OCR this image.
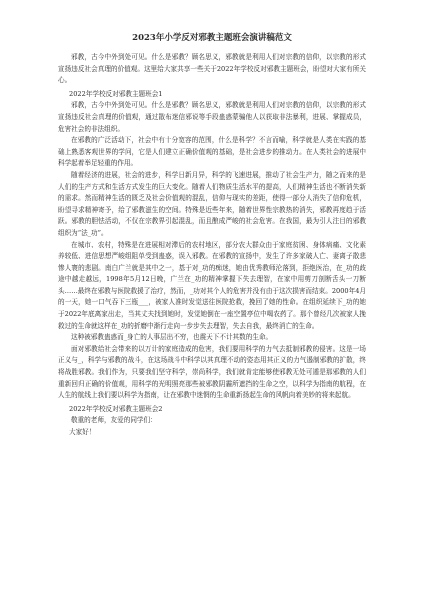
2023年小学反对邪教主题班会演讲稿范文

邪教，古今中外到处可见。什么是邪教？顾名思义，邪教就是利用人们对宗教的信仰，以宗教的形式宣扬违反社会真理的价值观。这里给大家共享一些关于2022年学校反对邪教主题班会，盼望对大家有所关心。

2022年学校反对邪教主题班会1

邪教，古今中外到处可见。什么是邪教？顾名思义，邪教就是利用人们对宗教的信仰，以宗教的形式宣扬违反社会真理的价值观，通过散布迷信邪说等手段蛊惑蒙骗他人以获取非法暴利，进展、掌握成员，危害社会的非法组织。

在邪教的广泛活动下，社会中有十分宽容的范围，什么是科学？不言而喻，科学就是人类在实践的基础上熟悉客观世界的学问，它是人们建立正确价值观的基础，是社会进步的推动力。在人类社会的进展中科学起着举足轻重的作用。

随着经济的进展，社会的进步，科学日新月异，科学的飞速进展，推动了社会生产力，随之而来的是人们的生产方式和生活方式发生的巨大变化。随着人们物质生活水平的提高，人们精神生活也不断消失新的需求。然而精神生活的匮乏及社会价值观的混乱，信仰与现实的差距，使得一部分人消失了信仰危机，盼望寻求精神寄予，给了邪教滋生的空间。特殊是近些年来，随着世界性宗教热的消失，邪教再度趋于活跃。邪教的胆怯活动，不仅在宗教界引起混乱，而且酿成严峻的社会危害。在我国，最为引人注目的邪教组织为“法_功”。

在城市、农村，特殊是在进展相对滞后的农村地区，部分农大群众由于家庭贫困、身体病痛、文化素养较低、进信思想严峻组阻单受到蛊惑，误入邪教。在邪教的宣扬中，发生了许多家破人亡、妻离子散悲惨人寰的悲剧。南白广兰就是其中之一，基于对_功的痴迷，她由优秀教师沦落到，拒绝医治，在_功的歧途中越走越远，1998年5月12日晚，广兰在_功的精神掌握下失去理智，在家中用剪刀剖断舌头一刀断头……最终在邪教与医院救援了治疗，然而，_功对其个人的危害并没有由于这次损害而结束。2000年4月的一天，她一口气吞下三瓶___，被家人准时发觉送往医院抢救，挽回了她的性命。在组织延续下_功的她于2022年底离家出走，当其丈夫找到她时，发觉她倒在一座空置亭位中喝农药了。那个曾经几次被家人挽救过的生命就这样在_功的折磨中渐行走向一步步失去理智，失去自我，最终消亡的生命。

这种被邪教蛊惑而_身亡的人事层出不穷，也震天下不计其数的生命。

面对邪教给社会带来的以万计的家庭造成的危害，我们要用科学的力气去抵制邪教的侵害。这是一场正义与_，科学与邪教的战斗，在这场战斗中科学以其真理不动的姿态用其正义的力气遏制邪教的扩散，终将战胜邪教。我们作为，只要我们坚守科学，崇尚科学，我们就肯定能够使邪教无处可遁是那邪教的人们重新回归正确的价值观，用科学的光明照亮那些被邪教阴霾所遮挡的生命之空，以科学为指南的航程，在人生的航线上我们要以科学为指南，让在邪教中迷惘的生命重新扬起生命的风帆向着美妙的将来起航。

2022年学校反对邪教主题班会2

敬重的老师，友爱的同学们：

大家好！
